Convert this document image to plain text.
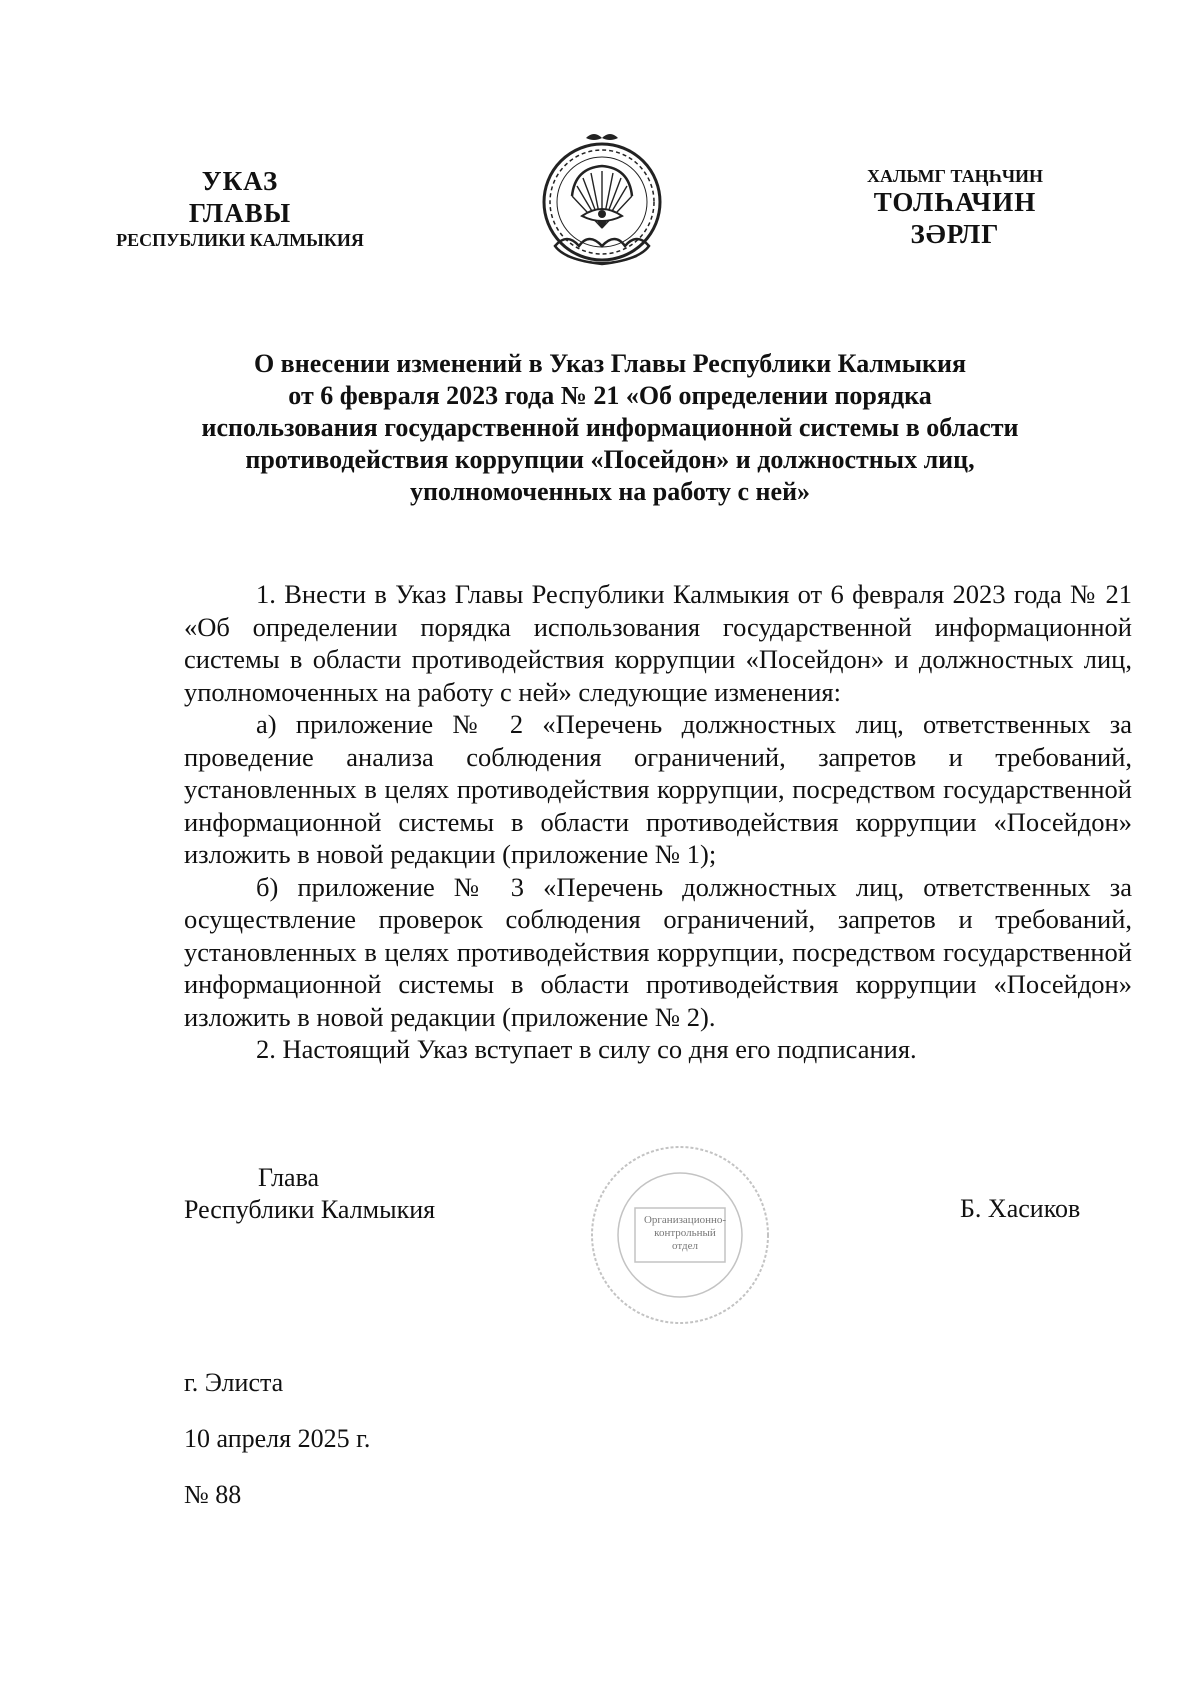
УКАЗ
ГЛАВЫ
РЕСПУБЛИКИ КАЛМЫКИЯ
ХАЛЬМГ ТАҢҺЧИН
ТОЛҺАЧИН
ЗӘРЛГ
О внесении изменений в Указ Главы Республики Калмыкия
от 6 февраля 2023 года № 21 «Об определении порядка
использования государственной информационной системы в области
противодействия коррупции «Посейдон» и должностных лиц,
уполномоченных на работу с ней»

1. Внести в Указ Главы Республики Калмыкия от 6 февраля 2023 года № 21 «Об определении порядка использования государственной информационной системы в области противодействия коррупции «Посейдон» и должностных лиц, уполномоченных на работу с ней» следующие изменения:

а) приложение № 2 «Перечень должностных лиц, ответственных за проведение анализа соблюдения ограничений, запретов и требований, установленных в целях противодействия коррупции, посредством государственной информационной системы в области противодействия коррупции «Посейдон» изложить в новой редакции (приложение № 1);

б) приложение № 3 «Перечень должностных лиц, ответственных за осуществление проверок соблюдения ограничений, запретов и требований, установленных в целях противодействия коррупции, посредством государственной информационной системы в области противодействия коррупции «Посейдон» изложить в новой редакции (приложение № 2).

2. Настоящий Указ вступает в силу со дня его подписания.

Глава
Республики Калмыкия	Организационно-контрольный отдел
Б. Хасиков
г. Элиста
10 апреля 2025 г.
№ 88
